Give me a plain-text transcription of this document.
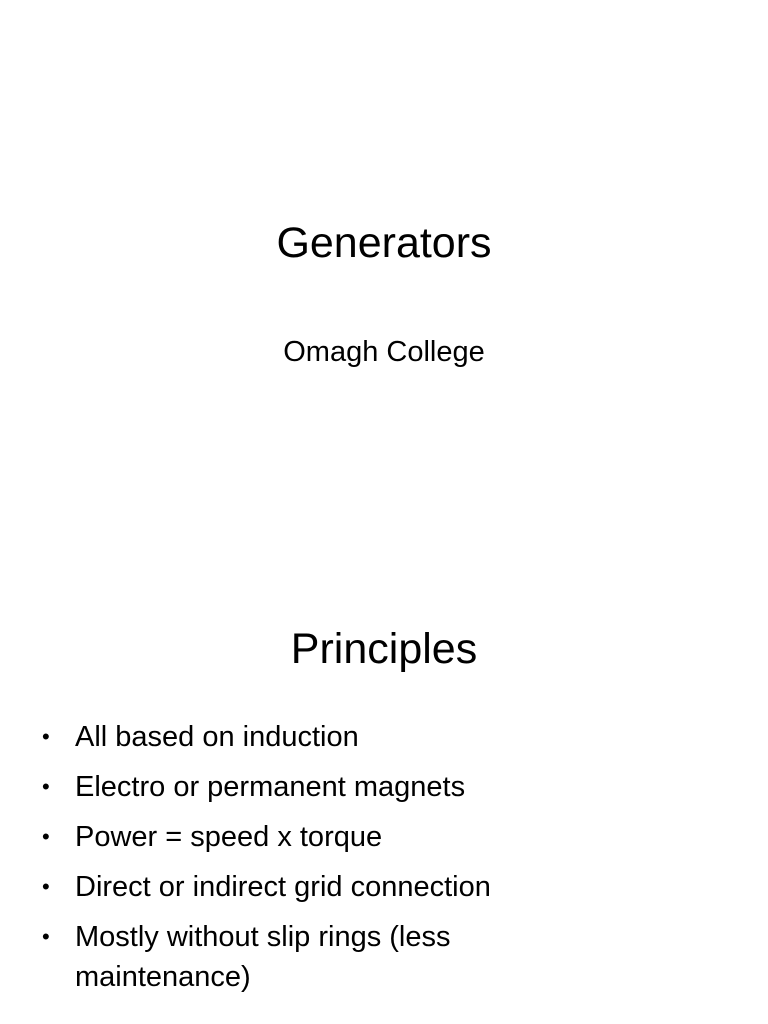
Generators

Omagh College

Principles
• All based on induction
• Electro or permanent magnets
• Power = speed x torque
• Direct or indirect grid connection
• Mostly without slip rings (less maintenance)
